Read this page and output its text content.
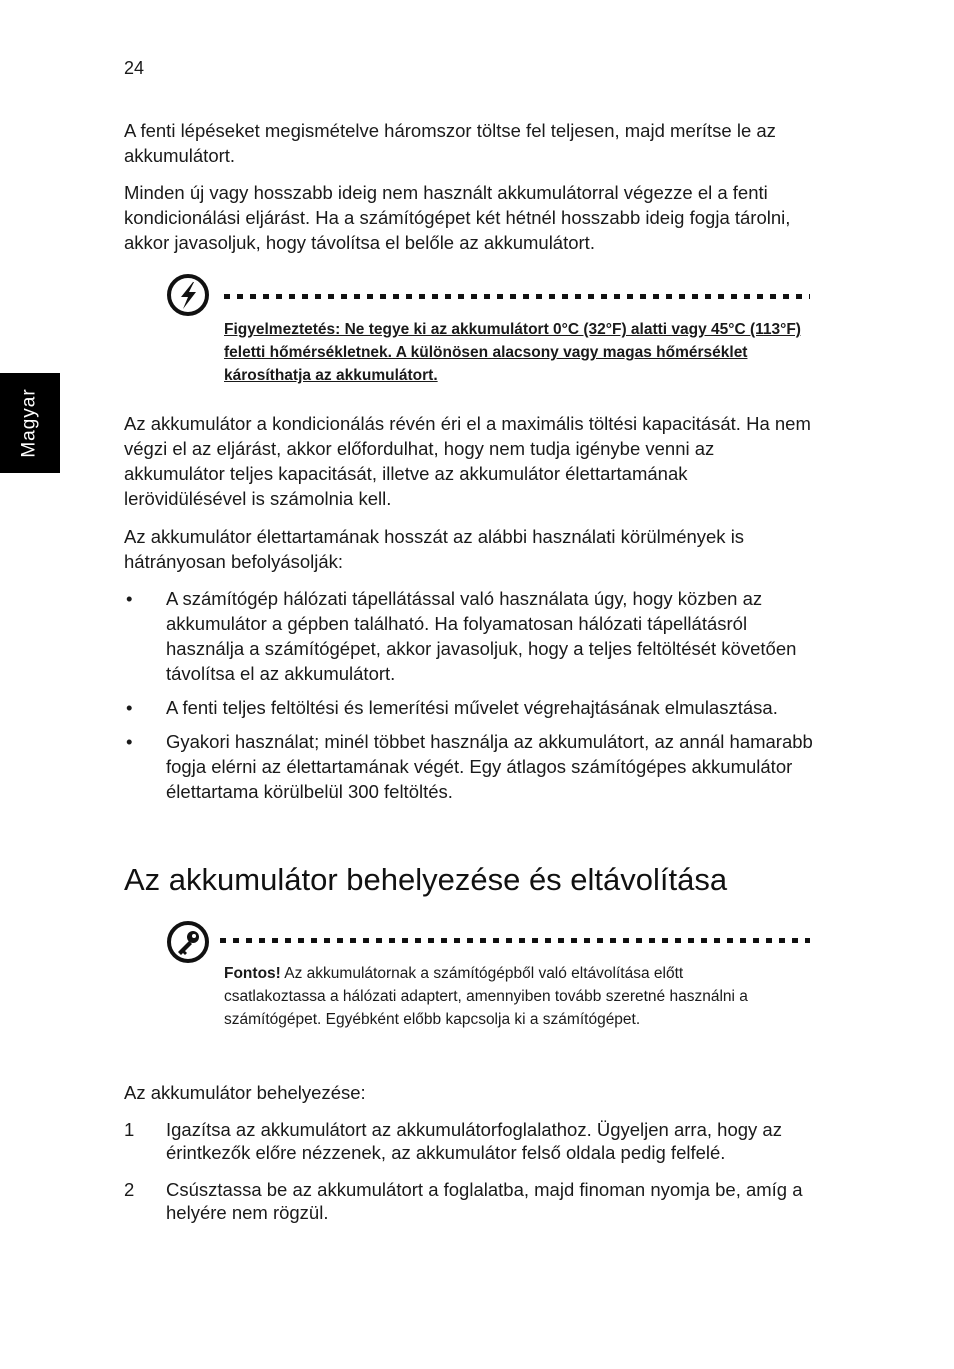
24
Magyar

A fenti lépéseket megismételve háromszor töltse fel teljesen, majd merítse le az akkumulátort.

Minden új vagy hosszabb ideig nem használt akkumulátorral végezze el a fenti kondicionálási eljárást. Ha a számítógépet két hétnél hosszabb ideig fogja tárolni, akkor javasoljuk, hogy távolítsa el belőle az akkumulátort.

Figyelmeztetés: Ne tegye ki az akkumulátort 0°C (32°F) alatti vagy 45°C (113°F) feletti hőmérsékletnek. A különösen alacsony vagy magas hőmérséklet károsíthatja az akkumulátort.

Az akkumulátor a kondicionálás révén éri el a maximális töltési kapacitását. Ha nem végzi el az eljárást, akkor előfordulhat, hogy nem tudja igénybe venni az akkumulátor teljes kapacitását, illetve az akkumulátor élettartamának lerövidülésével is számolnia kell.

Az akkumulátor élettartamának hosszát az alábbi használati körülmények is hátrányosan befolyásolják:

• A számítógép hálózati tápellátással való használata úgy, hogy közben az akkumulátor a gépben található. Ha folyamatosan hálózati tápellátásról használja a számítógépet, akkor javasoljuk, hogy a teljes feltöltését követően távolítsa el az akkumulátort.
• A fenti teljes feltöltési és lemerítési művelet végrehajtásának elmulasztása.
• Gyakori használat; minél többet használja az akkumulátort, az annál hamarabb fogja elérni az élettartamának végét. Egy átlagos számítógépes akkumulátor élettartama körülbelül 300 feltöltés.
Az akkumulátor behelyezése és eltávolítása
Fontos! Az akkumulátornak a számítógépből való eltávolítása előtt csatlakoztassa a hálózati adaptert, amennyiben tovább szeretné használni a számítógépet. Egyébként előbb kapcsolja ki a számítógépet.

Az akkumulátor behelyezése:

1 Igazítsa az akkumulátort az akkumulátorfoglalathoz. Ügyeljen arra, hogy az érintkezők előre nézzenek, az akkumulátor felső oldala pedig felfelé.
2 Csúsztassa be az akkumulátort a foglalatba, majd finoman nyomja be, amíg a helyére nem rögzül.
